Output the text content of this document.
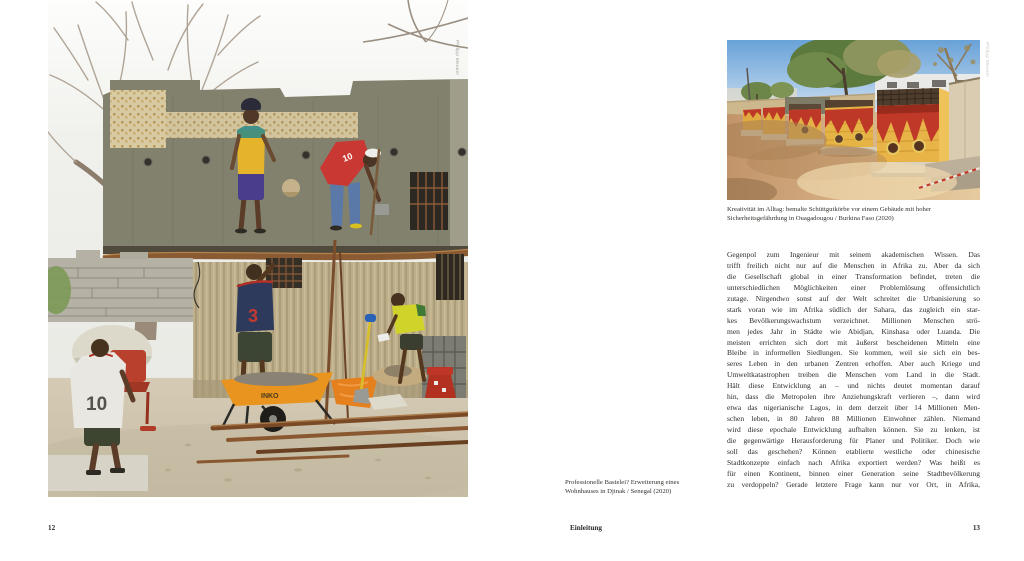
10
10
3
INKO
Philipp Meuser	Philipp Meuser
Kreativität im Alltag: bemalte Schüttgutkörbe vor einem Gebäude mit hoher
Sicherheitsgefährdung in Ouagadougou / Burkina Faso (2020)
Gegenpol zum Ingenieur mit seinem akademischen Wissen. Das
trifft freilich nicht nur auf die Menschen in Afrika zu. Aber da sich
die Gesellschaft global in einer Transformation befindet, treten die
unterschiedlichen Möglichkeiten einer Problemlösung offensichtlich
zutage. Nirgendwo sonst auf der Welt schreitet die Urbanisierung so
stark voran wie im Afrika südlich der Sahara, das zugleich ein star-
kes Bevölkerungswachstum verzeichnet. Millionen Menschen strö-
men jedes Jahr in Städte wie Abidjan, Kinshasa oder Luanda. Die
meisten errichten sich dort mit äußerst bescheidenen Mitteln eine
Bleibe in informellen Siedlungen. Sie kommen, weil sie sich ein bes-
seres Leben in den urbanen Zentren erhoffen. Aber auch Kriege und
Umweltkatastrophen treiben die Menschen vom Land in die Stadt.
Hält diese Entwicklung an – und nichts deutet momentan darauf
hin, dass die Metropolen ihre Anziehungskraft verlieren –, dann wird
etwa das nigerianische Lagos, in dem derzeit über 14 Millionen Men-
schen leben, in 80 Jahren 88 Millionen Einwohner zählen. Niemand
wird diese epochale Entwicklung aufhalten können. Sie zu lenken, ist
die gegenwärtige Herausforderung für Planer und Politiker. Doch wie
soll das geschehen? Können etablierte westliche oder chinesische
Stadtkonzepte einfach nach Afrika exportiert werden? Was heißt es
für einen Kontinent, binnen einer Generation seine Stadtbevölkerung
zu verdoppeln? Gerade letztere Frage kann nur vor Ort, in Afrika,
Professionelle Bastelei? Erweiterung eines
Wohnhauses in Djinak / Senegal (2020)
12	Einleitung	13
